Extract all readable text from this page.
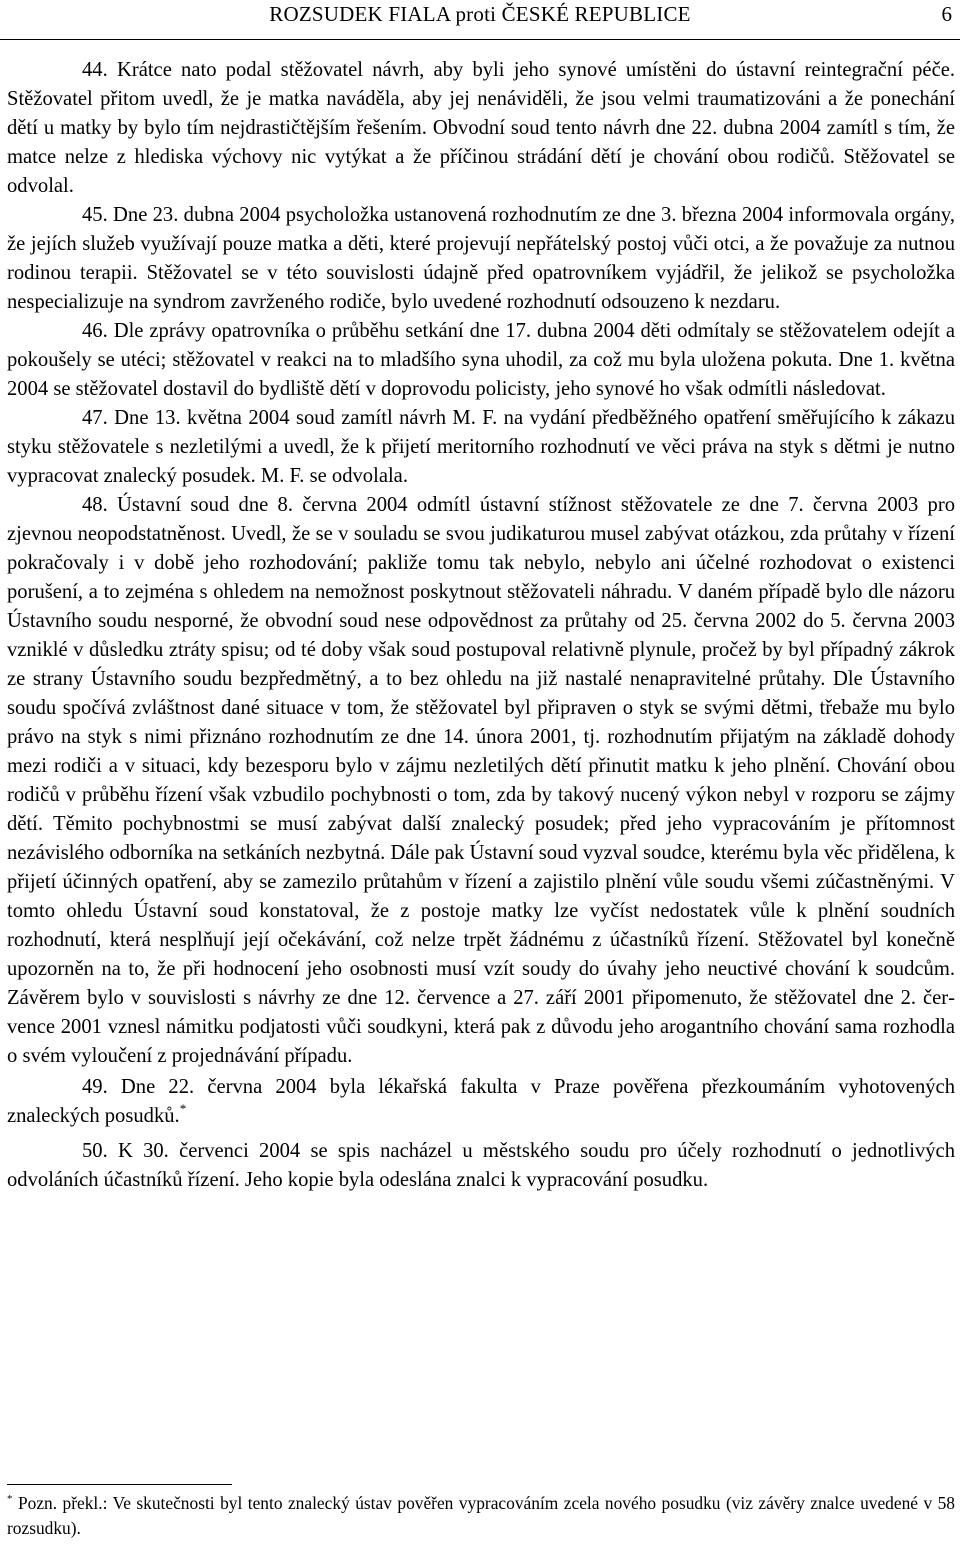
ROZSUDEK FIALA proti ČESKÉ REPUBLICE	6

44. Krátce nato podal stěžovatel návrh, aby byli jeho synové umístěni do ústavní reintegrační péče. Stěžovatel přitom uvedl, že je matka naváděla, aby jej nenáviděli, že jsou velmi traumatizováni a že ponechání dětí u matky by bylo tím nejdrastičtějším řešením. Obvodní soud tento návrh dne 22. dubna 2004 zamítl s tím, že matce nelze z hlediska výchovy nic vytýkat a že příčinou strádání dětí je chování obou rodičů. Stěžovatel se odvolal.

45. Dne 23. dubna 2004 psycholožka ustanovená rozhodnutím ze dne 3. března 2004 informovala orgány, že jejích služeb využívají pouze matka a děti, které projevují nepřátelský postoj vůči otci, a že považuje za nutnou rodinou terapii. Stěžovatel se v této souvislosti údajně před opatrovníkem vyjádřil, že jelikož se psycholožka nespecializuje na syndrom zavrženého rodiče, bylo uvedené rozhodnutí odsouzeno k nezdaru.

46. Dle zprávy opatrovníka o průběhu setkání dne 17. dubna 2004 děti odmítaly se stěžovatelem odejít a pokoušely se utéci; stěžovatel v reakci na to mladšího syna uhodil, za což mu byla uložena pokuta. Dne 1. května 2004 se stěžovatel dostavil do bydliště dětí v doprovodu policisty, jeho synové ho však odmítli následovat.

47. Dne 13. května 2004 soud zamítl návrh M. F. na vydání předběžného opatření směřujícího k zákazu styku stěžovatele s nezletilými a uvedl, že k přijetí meritorního rozhodnutí ve věci práva na styk s dětmi je nutno vypracovat znalecký posudek. M. F. se odvolala.

48. Ústavní soud dne 8. června 2004 odmítl ústavní stížnost stěžovatele ze dne 7. června 2003 pro zjevnou neopodstatněnost. Uvedl, že se v souladu se svou judikaturou musel zabývat otázkou, zda průtahy v řízení pokračovaly i v době jeho rozhodování; pakliže tomu tak nebylo, nebylo ani účelné rozhodovat o existenci porušení, a to zejména s ohledem na nemožnost poskytnout stěžovateli náhradu. V daném případě bylo dle názoru Ústavního soudu nesporné, že obvodní soud nese odpovědnost za průtahy od 25. června 2002 do 5. června 2003 vzniklé v důsledku ztráty spisu; od té doby však soud postupoval relativně plynule, pročež by byl případný zákrok ze strany Ústavního soudu bezpředmětný, a to bez ohledu na již nastalé nenapravitelné průtahy. Dle Ústavního soudu spočívá zvláštnost dané situace v tom, že stěžovatel byl připraven o styk se svými dětmi, třebaže mu bylo právo na styk s nimi přiznáno rozhodnutím ze dne 14. února 2001, tj. rozhodnutím přijatým na základě dohody mezi rodiči a v situaci, kdy bezesporu bylo v zájmu nezletilých dětí přinutit matku k jeho plnění. Chování obou rodičů v průběhu řízení však vzbudilo pochybnosti o tom, zda by takový nucený výkon nebyl v rozporu se zájmy dětí. Těmito pochybnostmi se musí zabývat další znalecký posudek; před jeho vypracováním je přítomnost nezávislého odborníka na setkáních nezbytná. Dále pak Ústavní soud vyzval soudce, kterému byla věc přidělena, k přijetí účinných opatření, aby se zamezilo průtahům v řízení a zajistilo plnění vůle soudu všemi zúčastněnými. V tomto ohledu Ústavní soud konstatoval, že z postoje matky lze vyčíst nedostatek vůle k plnění soudních rozhodnutí, která nesplňují její očekávání, což nelze trpět žádnému z účastníků řízení. Stěžovatel byl konečně upozorněn na to, že při hodnocení jeho osobnosti musí vzít soudy do úvahy jeho neuctivé chování k soudcům. Závěrem bylo v souvislosti s návrhy ze dne 12. července a 27. září 2001 připomenuto, že stěžovatel dne 2. července 2001 vznesl námitku podjatosti vůči soudkyni, která pak z důvodu jeho arogantního chování sama rozhodla o svém vyloučení z projednávání případu.

49. Dne 22. června 2004 byla lékařská fakulta v Praze pověřena přezkoumáním vyhotovených znaleckých posudků.*

50. K 30. červenci 2004 se spis nacházel u městského soudu pro účely rozhodnutí o jednotlivých odvoláních účastníků řízení. Jeho kopie byla odeslána znalci k vypracování posudku.

* Pozn. překl.: Ve skutečnosti byl tento znalecký ústav pověřen vypracováním zcela nového posudku (viz závěry znalce uvedené v 58 rozsudku).
